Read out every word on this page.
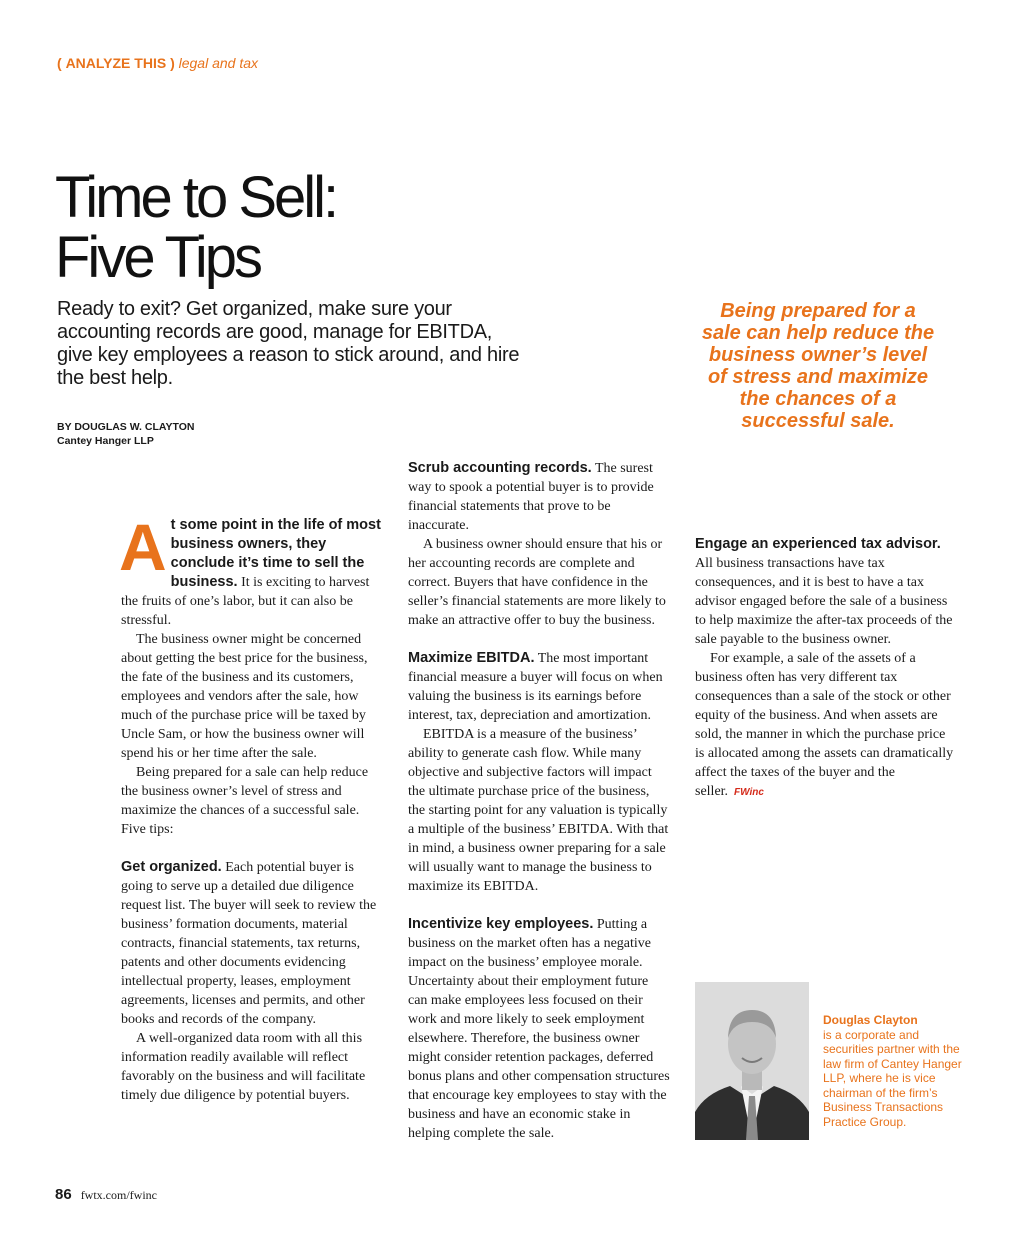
( ANALYZE THIS ) legal and tax
Time to Sell:
Five Tips

Ready to exit? Get organized, make sure your accounting records are good, manage for EBITDA, give key employees a reason to stick around, and hire the best help.

BY DOUGLAS W. CLAYTON
Cantey Hanger LLP

Being prepared for a sale can help reduce the business owner’s level of stress and maximize the chances of a successful sale.

At some point in the life of most business owners, they conclude it’s time to sell the business. It is exciting to harvest the fruits of one’s labor, but it can also be stressful.

The business owner might be concerned about getting the best price for the business, the fate of the business and its customers, employees and vendors after the sale, how much of the purchase price will be taxed by Uncle Sam, or how the business owner will spend his or her time after the sale.

Being prepared for a sale can help reduce the business owner’s level of stress and maximize the chances of a successful sale. Five tips:

Get organized. Each potential buyer is going to serve up a detailed due diligence request list. The buyer will seek to review the business’ formation documents, material contracts, financial statements, tax returns, patents and other documents evidencing intellectual property, leases, employment agreements, licenses and permits, and other books and records of the company.

A well-organized data room with all this information readily available will reflect favorably on the business and will facilitate timely due diligence by potential buyers.

Scrub accounting records. The surest way to spook a potential buyer is to provide financial statements that prove to be inaccurate.

A business owner should ensure that his or her accounting records are complete and correct. Buyers that have confidence in the seller’s financial statements are more likely to make an attractive offer to buy the business.

Maximize EBITDA. The most important financial measure a buyer will focus on when valuing the business is its earnings before interest, tax, depreciation and amortization.

EBITDA is a measure of the business’ ability to generate cash flow. While many objective and subjective factors will impact the ultimate purchase price of the business, the starting point for any valuation is typically a multiple of the business’ EBITDA. With that in mind, a business owner preparing for a sale will usually want to manage the business to maximize its EBITDA.

Incentivize key employees. Putting a business on the market often has a negative impact on the business’ employee morale. Uncertainty about their employment future can make employees less focused on their work and more likely to seek employment elsewhere. Therefore, the business owner might consider retention packages, deferred bonus plans and other compensation structures that encourage key employees to stay with the business and have an economic stake in helping complete the sale.

Engage an experienced tax advisor. All business transactions have tax consequences, and it is best to have a tax advisor engaged before the sale of a business to help maximize the after-tax proceeds of the sale payable to the business owner.

For example, a sale of the assets of a business often has very different tax consequences than a sale of the stock or other equity of the business. And when assets are sold, the manner in which the purchase price is allocated among the assets can dramatically affect the taxes of the buyer and the seller. FWinc

Douglas Clayton
is a corporate and securities partner with the law firm of Cantey Hanger LLP, where he is vice chairman of the firm’s Business Transactions Practice Group.

86 fwtx.com/fwinc
